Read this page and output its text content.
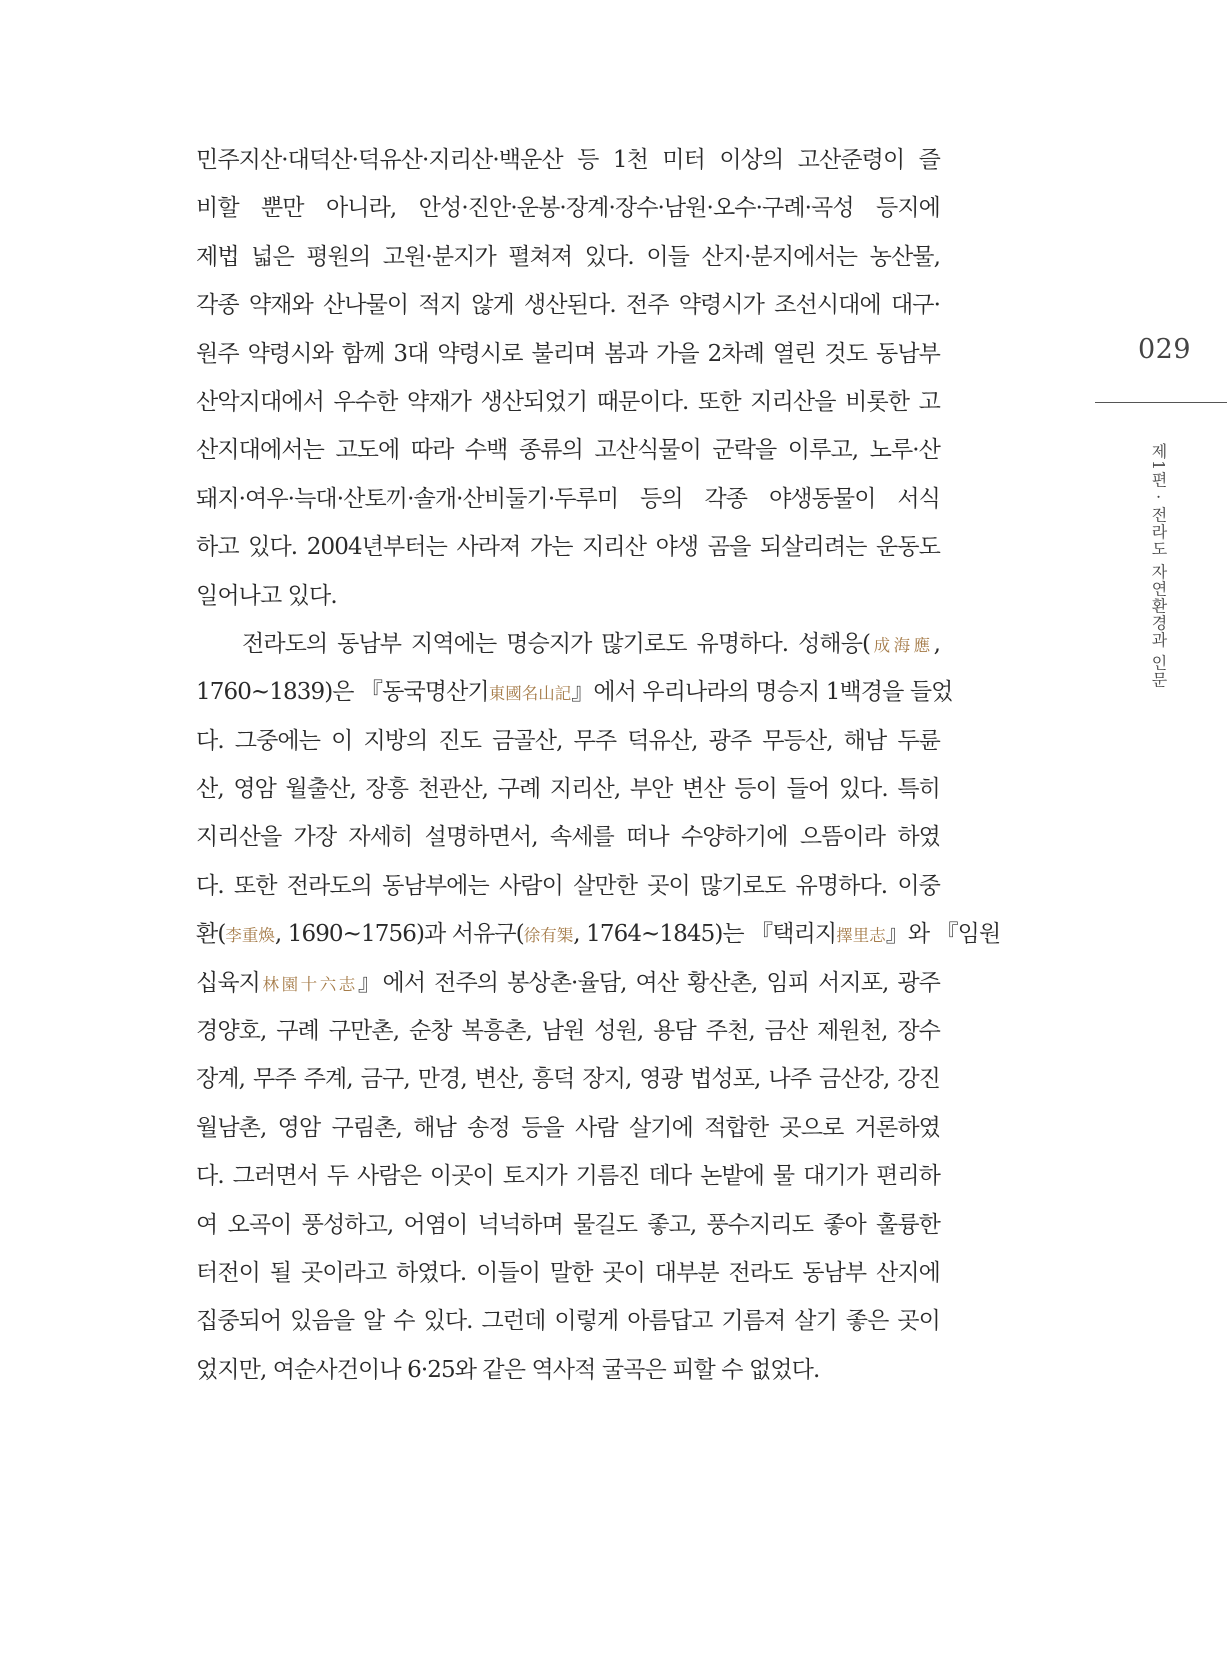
민주지산·대덕산·덕유산·지리산·백운산 등 1천 미터 이상의 고산준령이 즐
비할 뿐만 아니라, 안성·진안·운봉·장계·장수·남원·오수·구례·곡성 등지에
제법 넓은 평원의 고원·분지가 펼쳐져 있다. 이들 산지·분지에서는 농산물,
각종 약재와 산나물이 적지 않게 생산된다. 전주 약령시가 조선시대에 대구·
원주 약령시와 함께 3대 약령시로 불리며 봄과 가을 2차례 열린 것도 동남부
산악지대에서 우수한 약재가 생산되었기 때문이다. 또한 지리산을 비롯한 고
산지대에서는 고도에 따라 수백 종류의 고산식물이 군락을 이루고, 노루·산
돼지·여우·늑대·산토끼·솔개·산비둘기·두루미 등의 각종 야생동물이 서식
하고 있다. 2004년부터는 사라져 가는 지리산 야생 곰을 되살리려는 운동도
일어나고 있다.
전라도의 동남부 지역에는 명승지가 많기로도 유명하다. 성해응(成海應,
1760~1839)은 『동국명산기東國名山記』에서 우리나라의 명승지 1백경을 들었
다. 그중에는 이 지방의 진도 금골산, 무주 덕유산, 광주 무등산, 해남 두륜
산, 영암 월출산, 장흥 천관산, 구례 지리산, 부안 변산 등이 들어 있다. 특히
지리산을 가장 자세히 설명하면서, 속세를 떠나 수양하기에 으뜸이라 하였
다. 또한 전라도의 동남부에는 사람이 살만한 곳이 많기로도 유명하다. 이중
환(李重煥, 1690~1756)과 서유구(徐有榘, 1764~1845)는 『택리지擇里志』와 『임원
십육지林園十六志』에서 전주의 봉상촌·율담, 여산 황산촌, 임피 서지포, 광주
경양호, 구례 구만촌, 순창 복흥촌, 남원 성원, 용담 주천, 금산 제원천, 장수
장계, 무주 주계, 금구, 만경, 변산, 흥덕 장지, 영광 법성포, 나주 금산강, 강진
월남촌, 영암 구림촌, 해남 송정 등을 사람 살기에 적합한 곳으로 거론하였
다. 그러면서 두 사람은 이곳이 토지가 기름진 데다 논밭에 물 대기가 편리하
여 오곡이 풍성하고, 어염이 넉넉하며 물길도 좋고, 풍수지리도 좋아 훌륭한
터전이 될 곳이라고 하였다. 이들이 말한 곳이 대부분 전라도 동남부 산지에
집중되어 있음을 알 수 있다. 그런데 이렇게 아름답고 기름져 살기 좋은 곳이
었지만, 여순사건이나 6·25와 같은 역사적 굴곡은 피할 수 없었다.
029
제1편 · 전라도 자연환경과 인문
